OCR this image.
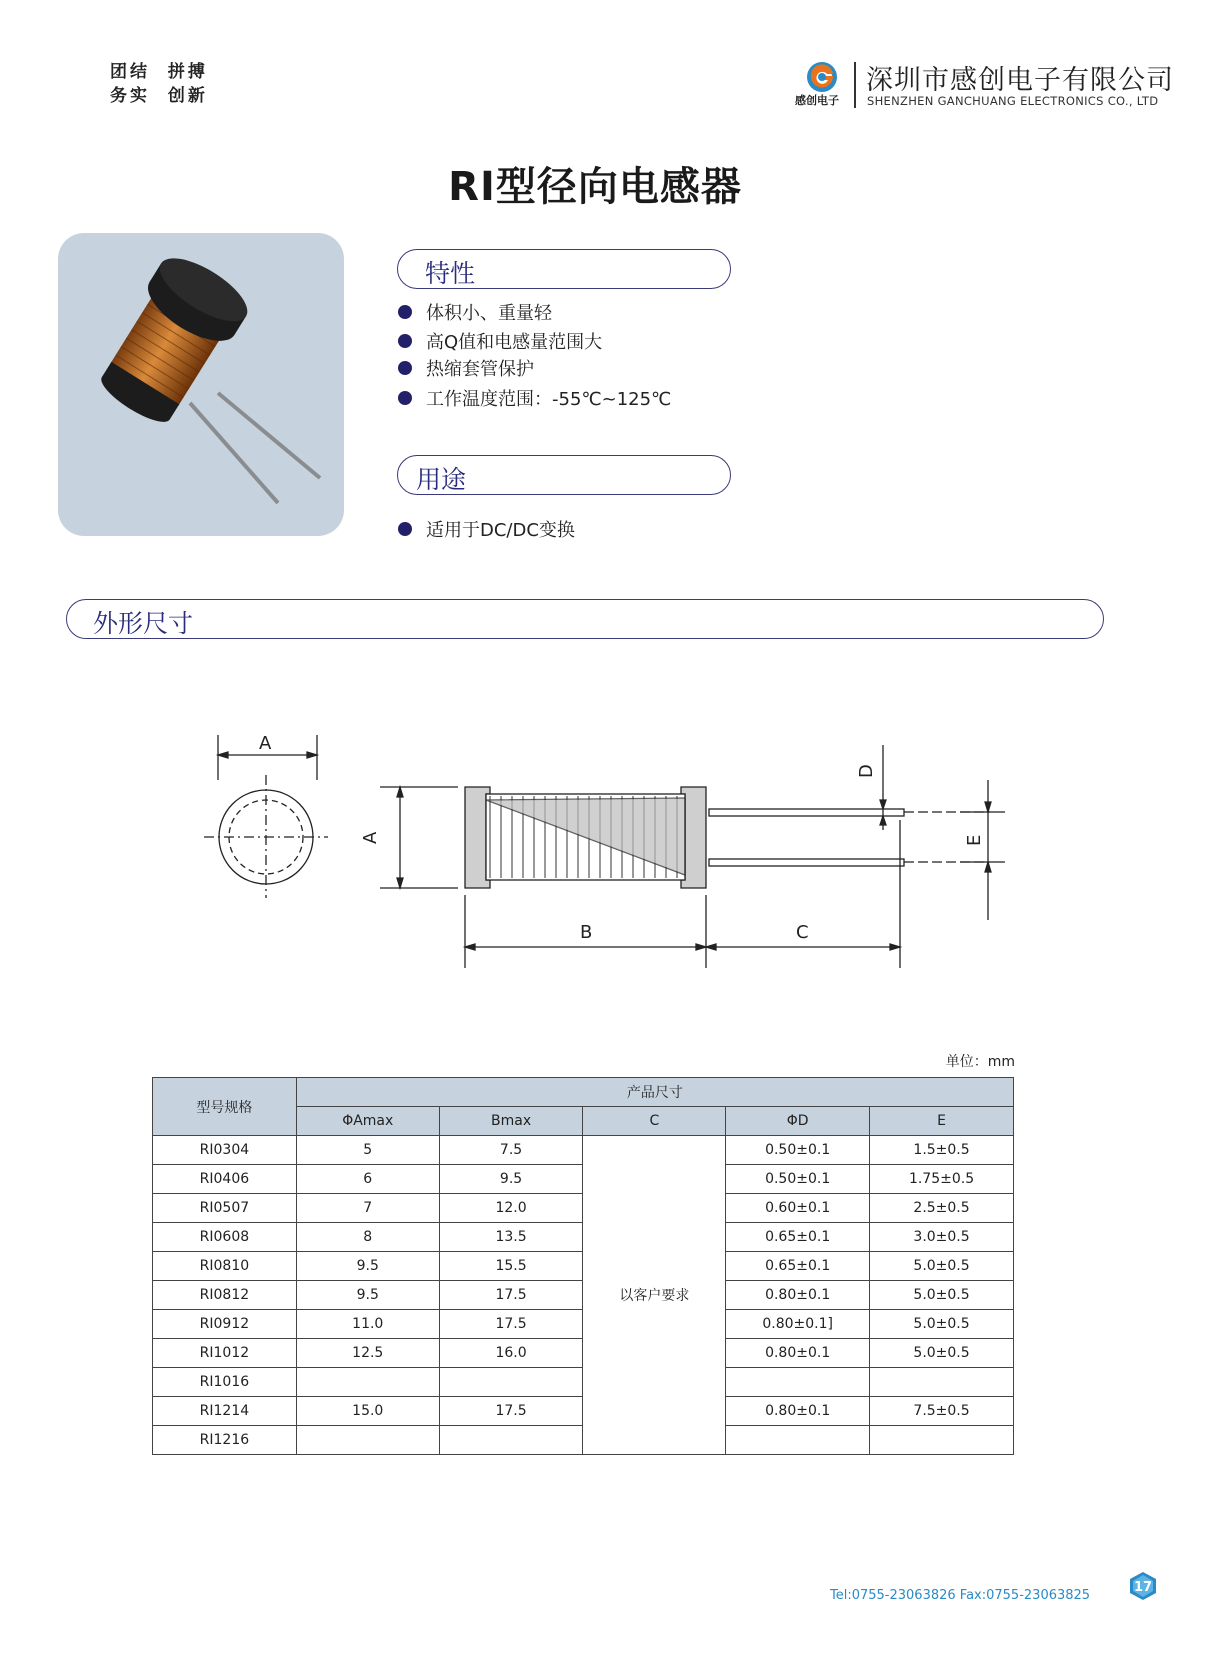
团结  拼搏
务实  创新	感创电子
深圳市感创电子有限公司
SHENZHEN GANCHUANG ELECTRONICS CO., LTD
RI型径向电感器
特性
体积小、重量轻
高Q值和电感量范围大
热缩套管保护
工作温度范围：-55℃~125℃
用途
适用于DC/DC变换
外形尺寸
A
A
D
E
B	C
单位：mm
型号规格	产品尺寸				
	ΦAmax	Bmax	C	ΦD	E
RI0304	5	7.5	以客户要求	0.50±0.1	1.5±0.5
RI0406	6	9.5		0.50±0.1	1.75±0.5
RI0507	7	12.0		0.60±0.1	2.5±0.5
RI0608	8	13.5		0.65±0.1	3.0±0.5
RI0810	9.5	15.5		0.65±0.1	5.0±0.5
RI0812	9.5	17.5		0.80±0.1	5.0±0.5
RI0912	11.0	17.5		0.80±0.1]	5.0±0.5
RI1012	12.5	16.0		0.80±0.1	5.0±0.5
RI1016					
RI1214	15.0	17.5		0.80±0.1	7.5±0.5
RI1216					
Tel:0755-23063826 Fax:0755-23063825
17
